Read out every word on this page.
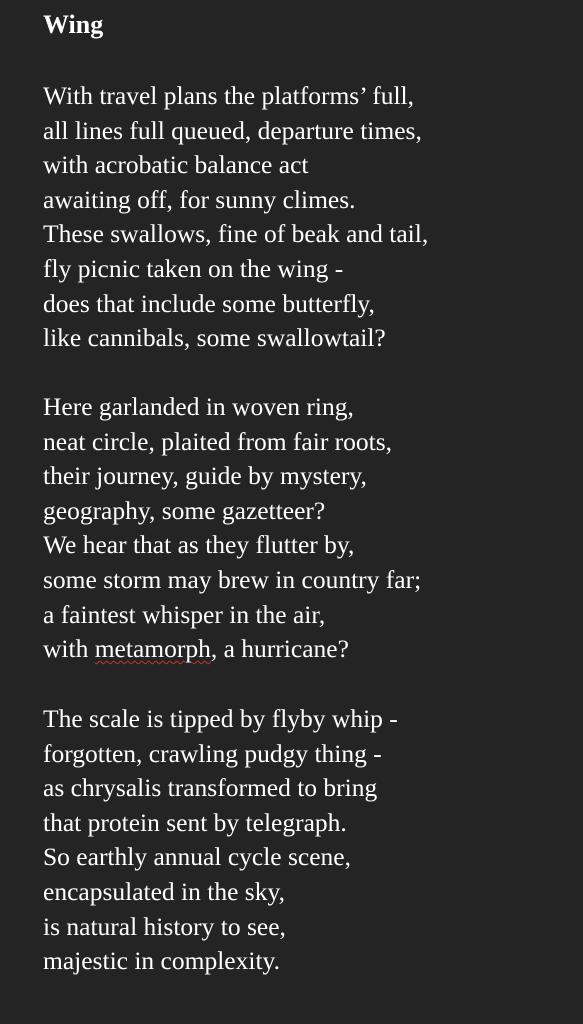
Wing
With travel plans the platforms’ full,
all lines full queued, departure times,
with acrobatic balance act
awaiting off, for sunny climes.
These swallows, fine of beak and tail,
fly picnic taken on the wing -
does that include some butterfly,
like cannibals, some swallowtail?
Here garlanded in woven ring,
neat circle, plaited from fair roots,
their journey, guide by mystery,
geography, some gazetteer?
We hear that as they flutter by,
some storm may brew in country far;
a faintest whisper in the air,
with metamorph, a hurricane?
The scale is tipped by flyby whip -
forgotten, crawling pudgy thing -
as chrysalis transformed to bring
that protein sent by telegraph.
So earthly annual cycle scene,
encapsulated in the sky,
is natural history to see,
majestic in complexity.
